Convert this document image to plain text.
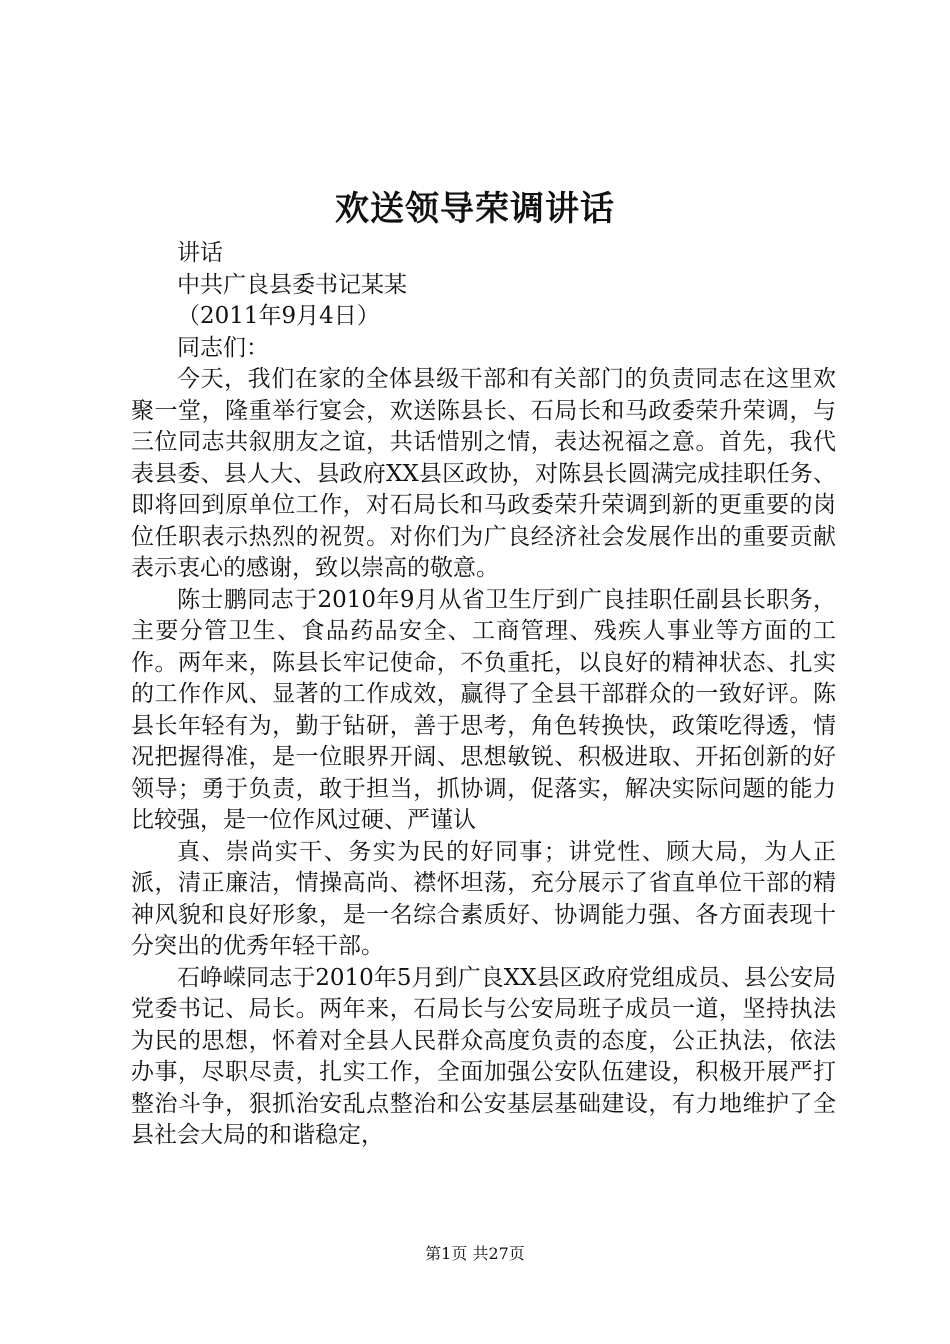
欢送领导荣调讲话

讲话

中共广良县委书记某某

（2011年9月4日）

同志们：

今天，我们在家的全体县级干部和有关部门的负责同志在这里欢聚一堂，隆重举行宴会，欢送陈县长、石局长和马政委荣升荣调，与三位同志共叙朋友之谊，共话惜别之情，表达祝福之意。首先，我代表县委、县人大、县政府XX县区政协，对陈县长圆满完成挂职任务、即将回到原单位工作，对石局长和马政委荣升荣调到新的更重要的岗位任职表示热烈的祝贺。对你们为广良经济社会发展作出的重要贡献表示衷心的感谢，致以崇高的敬意。

陈士鹏同志于2010年9月从省卫生厅到广良挂职任副县长职务，主要分管卫生、食品药品安全、工商管理、残疾人事业等方面的工作。两年来，陈县长牢记使命，不负重托，以良好的精神状态、扎实的工作作风、显著的工作成效，赢得了全县干部群众的一致好评。陈县长年轻有为，勤于钻研，善于思考，角色转换快，政策吃得透，情况把握得准，是一位眼界开阔、思想敏锐、积极进取、开拓创新的好领导；勇于负责，敢于担当，抓协调，促落实，解决实际问题的能力比较强，是一位作风过硬、严谨认

真、崇尚实干、务实为民的好同事；讲党性、顾大局，为人正派，清正廉洁，情操高尚、襟怀坦荡，充分展示了省直单位干部的精神风貌和良好形象，是一名综合素质好、协调能力强、各方面表现十分突出的优秀年轻干部。

石峥嵘同志于2010年5月到广良XX县区政府党组成员、县公安局党委书记、局长。两年来，石局长与公安局班子成员一道，坚持执法为民的思想，怀着对全县人民群众高度负责的态度，公正执法，依法办事，尽职尽责，扎实工作，全面加强公安队伍建设，积极开展严打整治斗争，狠抓治安乱点整治和公安基层基础建设，有力地维护了全县社会大局的和谐稳定，

第1页 共27页
